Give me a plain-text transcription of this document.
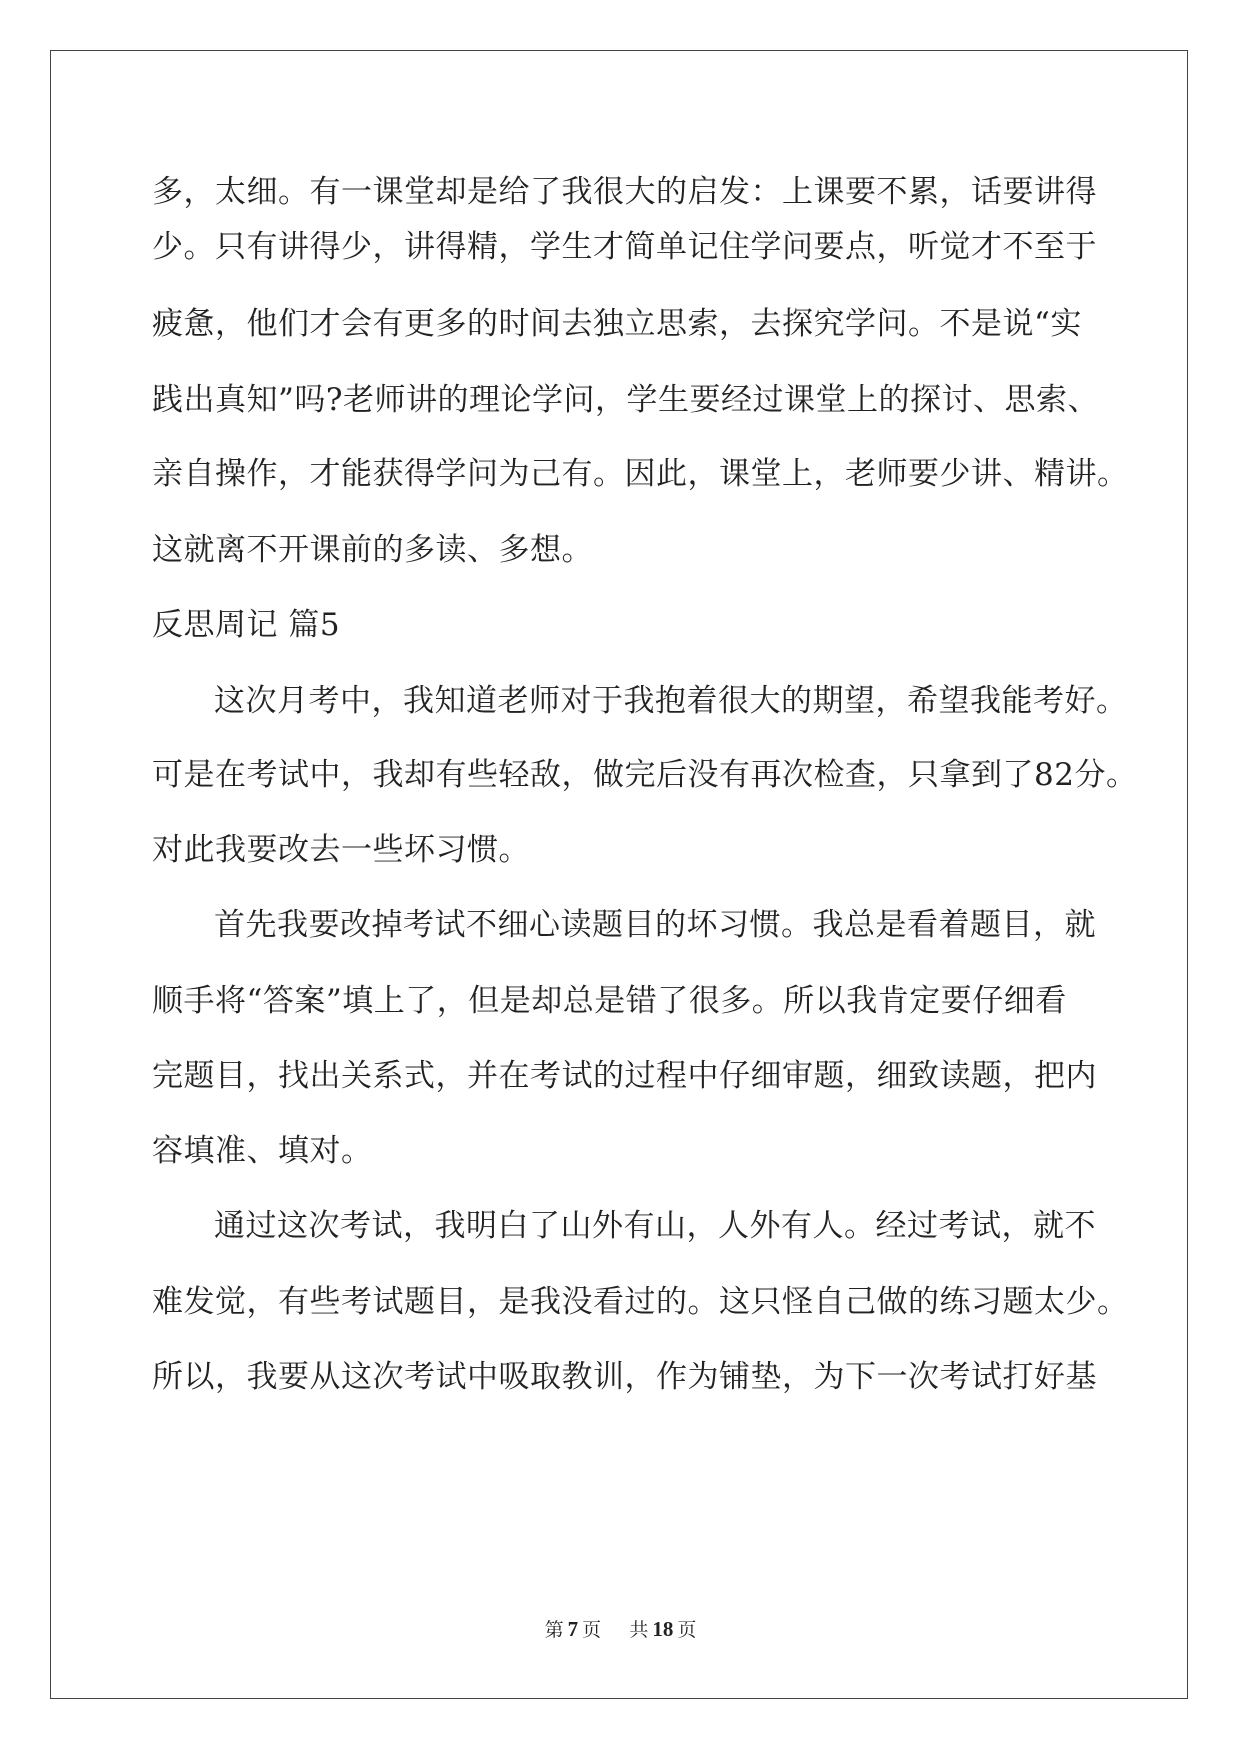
多，太细。有一课堂却是给了我很大的启发：上课要不累，话要讲得
少。只有讲得少，讲得精，学生才简单记住学问要点，听觉才不至于
疲惫，他们才会有更多的时间去独立思索，去探究学问。不是说“实
践出真知”吗?老师讲的理论学问，学生要经过课堂上的探讨、思索、
亲自操作，才能获得学问为己有。因此，课堂上，老师要少讲、精讲。
这就离不开课前的多读、多想。
反思周记 篇5
这次月考中，我知道老师对于我抱着很大的期望，希望我能考好。
可是在考试中，我却有些轻敌，做完后没有再次检查，只拿到了82分。
对此我要改去一些坏习惯。
首先我要改掉考试不细心读题目的坏习惯。我总是看着题目，就
顺手将“答案”填上了，但是却总是错了很多。所以我肯定要仔细看
完题目，找出关系式，并在考试的过程中仔细审题，细致读题，把内
容填准、填对。
通过这次考试，我明白了山外有山，人外有人。经过考试，就不
难发觉，有些考试题目，是我没看过的。这只怪自己做的练习题太少。
所以，我要从这次考试中吸取教训，作为铺垫，为下一次考试打好基
第 7 页 共 18 页
